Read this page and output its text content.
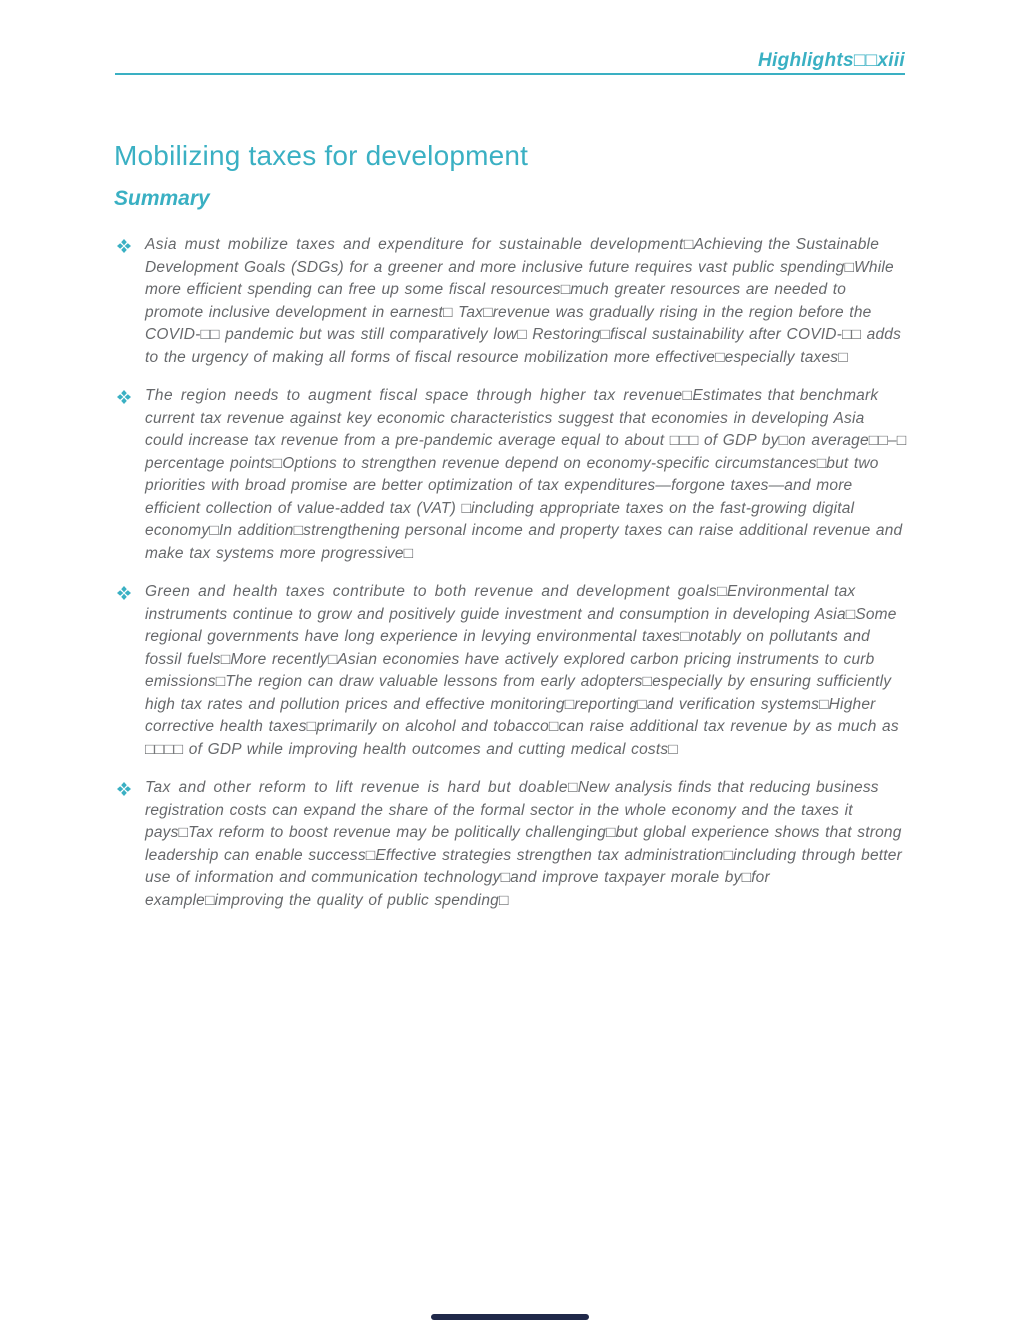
Highlights□□xiii
Mobilizing taxes for development
Summary
Asia must mobilize taxes and expenditure for sustainable development□Achieving the Sustainable Development Goals (SDGs) for a greener and more inclusive future requires vast public spending□While more efficient spending can free up some fiscal resources□much greater resources are needed to promote inclusive development in earnest□ Tax□revenue was gradually rising in the region before the COVID-□□ pandemic but was still comparatively low□ Restoring□fiscal sustainability after COVID-□□ adds to the urgency of making all forms of fiscal resource mobilization more effective□especially taxes□
The region needs to augment fiscal space through higher tax revenue□Estimates that benchmark current tax revenue against key economic characteristics suggest that economies in developing Asia could increase tax revenue from a pre-pandemic average equal to about □□□ of GDP by□on average□□–□ percentage points□Options to strengthen revenue depend on economy-specific circumstances□but two priorities with broad promise are better optimization of tax expenditures—forgone taxes—and more efficient collection of value-added tax (VAT) □including appropriate taxes on the fast-growing digital economy□In addition□strengthening personal income and property taxes can raise additional revenue and make tax systems more progressive□
Green and health taxes contribute to both revenue and development goals□Environmental tax instruments continue to grow and positively guide investment and consumption in developing Asia□Some regional governments have long experience in levying environmental taxes□notably on pollutants and fossil fuels□More recently□Asian economies have actively explored carbon pricing instruments to curb emissions□The region can draw valuable lessons from early adopters□especially by ensuring sufficiently high tax rates and pollution prices and effective monitoring□reporting□and verification systems□Higher corrective health taxes□primarily on alcohol and tobacco□can raise additional tax revenue by as much as □□□□ of GDP while improving health outcomes and cutting medical costs□
Tax and other reform to lift revenue is hard but doable□New analysis finds that reducing business registration costs can expand the share of the formal sector in the whole economy and the taxes it pays□Tax reform to boost revenue may be politically challenging□but global experience shows that strong leadership can enable success□Effective strategies strengthen tax administration□including through better use of information and communication technology□and improve taxpayer morale by□for example□improving the quality of public spending□
